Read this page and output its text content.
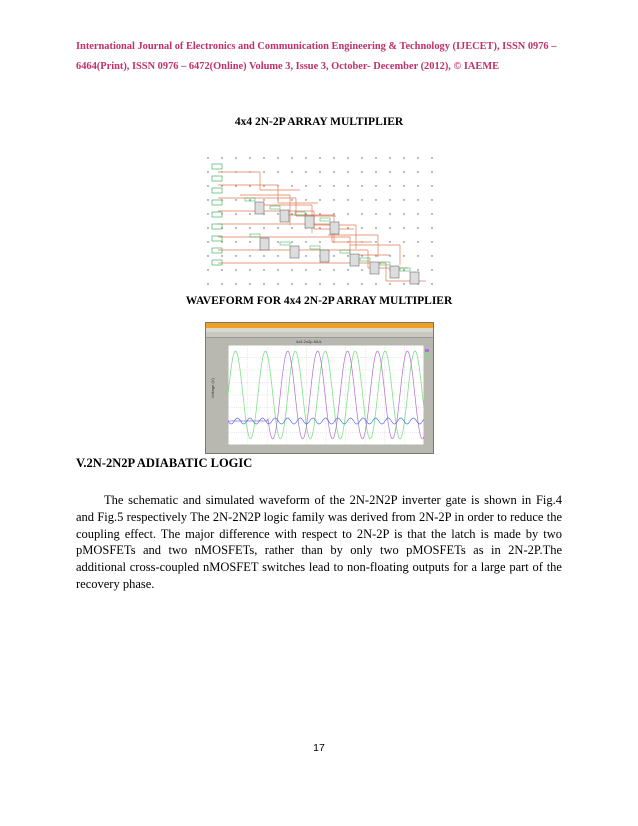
International Journal of Electronics and Communication Engineering & Technology (IJECET), ISSN 0976 –
6464(Print), ISSN 0976 – 6472(Online) Volume 3, Issue 3, October- December (2012), © IAEME
4x4 2N-2P ARRAY MULTIPLIER
WAVEFORM FOR 4x4 2N-2P ARRAY MULTIPLIER
4x4 2n2p MUL
Voltage (V)
V.2N-2N2P ADIABATIC LOGIC

The schematic and simulated waveform of the 2N-2N2P inverter gate is shown in Fig.4 and Fig.5 respectively The 2N-2N2P logic family was derived from 2N-2P in order to reduce the coupling effect. The major difference with respect to 2N-2P is that the latch is made by two pMOSFETs and two nMOSFETs, rather than by only two pMOSFETs as in 2N-2P.The additional cross-coupled nMOSFET switches lead to non-floating outputs for a large part of the recovery phase.

17
